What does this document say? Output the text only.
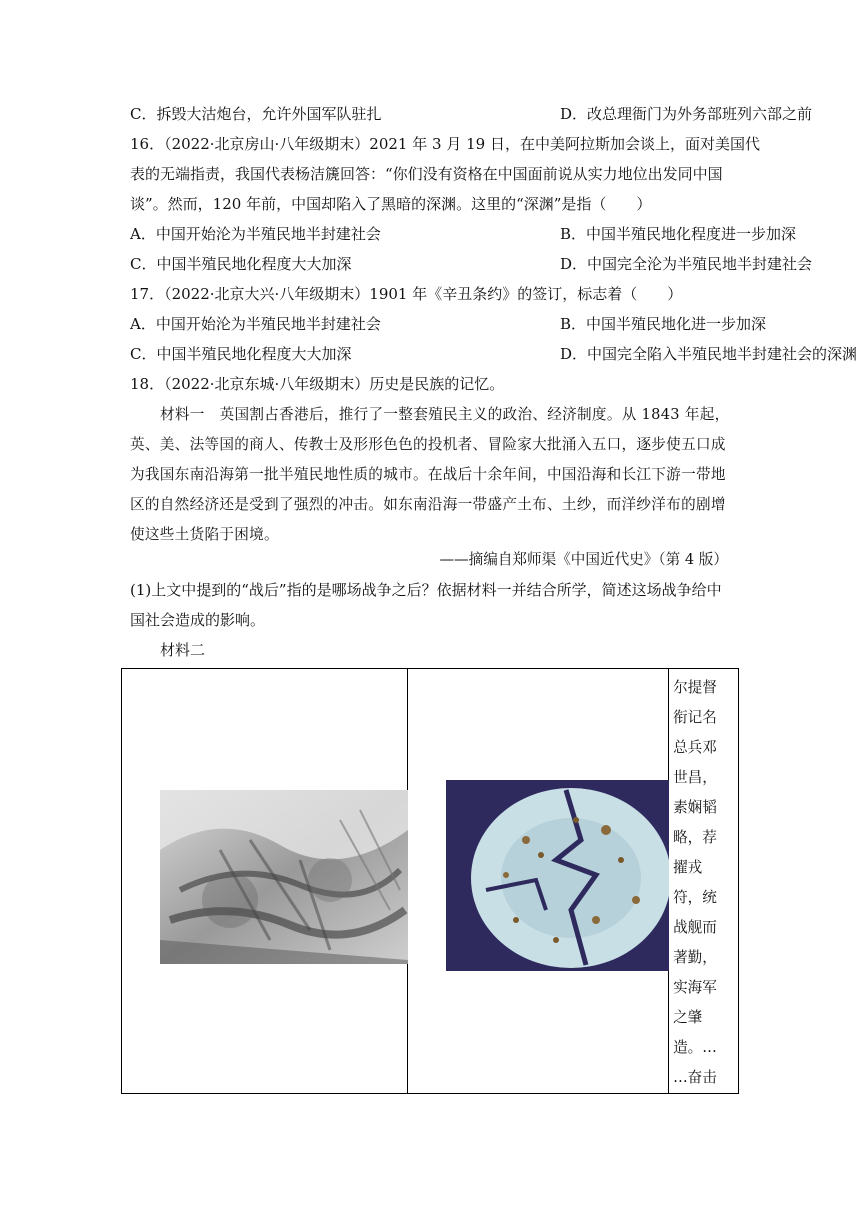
C．拆毁大沽炮台，允许外国军队驻扎	D．改总理衙门为外务部班列六部之前
16．（2022·北京房山·八年级期末）2021 年 3 月 19 日，在中美阿拉斯加会谈上，面对美国代
表的无端指责，我国代表杨洁篪回答：“你们没有资格在中国面前说从实力地位出发同中国
谈”。然而，120 年前，中国却陷入了黑暗的深渊。这里的“深渊”是指（　　）
A．中国开始沦为半殖民地半封建社会	B．中国半殖民地化程度进一步加深
C．中国半殖民地化程度大大加深	D．中国完全沦为半殖民地半封建社会
17．（2022·北京大兴·八年级期末）1901 年《辛丑条约》的签订，标志着（　　）
A．中国开始沦为半殖民地半封建社会	B．中国半殖民地化进一步加深
C．中国半殖民地化程度大大加深	D．中国完全陷入半殖民地半封建社会的深渊
18．（2022·北京东城·八年级期末）历史是民族的记忆。
材料一　英国割占香港后，推行了一整套殖民主义的政治、经济制度。从 1843 年起，
英、美、法等国的商人、传教士及形形色色的投机者、冒险家大批涌入五口，逐步使五口成
为我国东南沿海第一批半殖民地性质的城市。在战后十余年间，中国沿海和长江下游一带地
区的自然经济还是受到了强烈的冲击。如东南沿海一带盛产土布、土纱，而洋纱洋布的剧增
使这些土货陷于困境。
——摘编自郑师渠《中国近代史》（第 4 版）
(1)上文中提到的“战后”指的是哪场战争之后？依据材料一并结合所学，简述这场战争给中
国社会造成的影响。
材料二

尔提督
衔记名
总兵邓
世昌，
素娴韬
略，荐
擢戎
符，统
战舰而
著勤，
实海军
之肇
造。…
…奋击
